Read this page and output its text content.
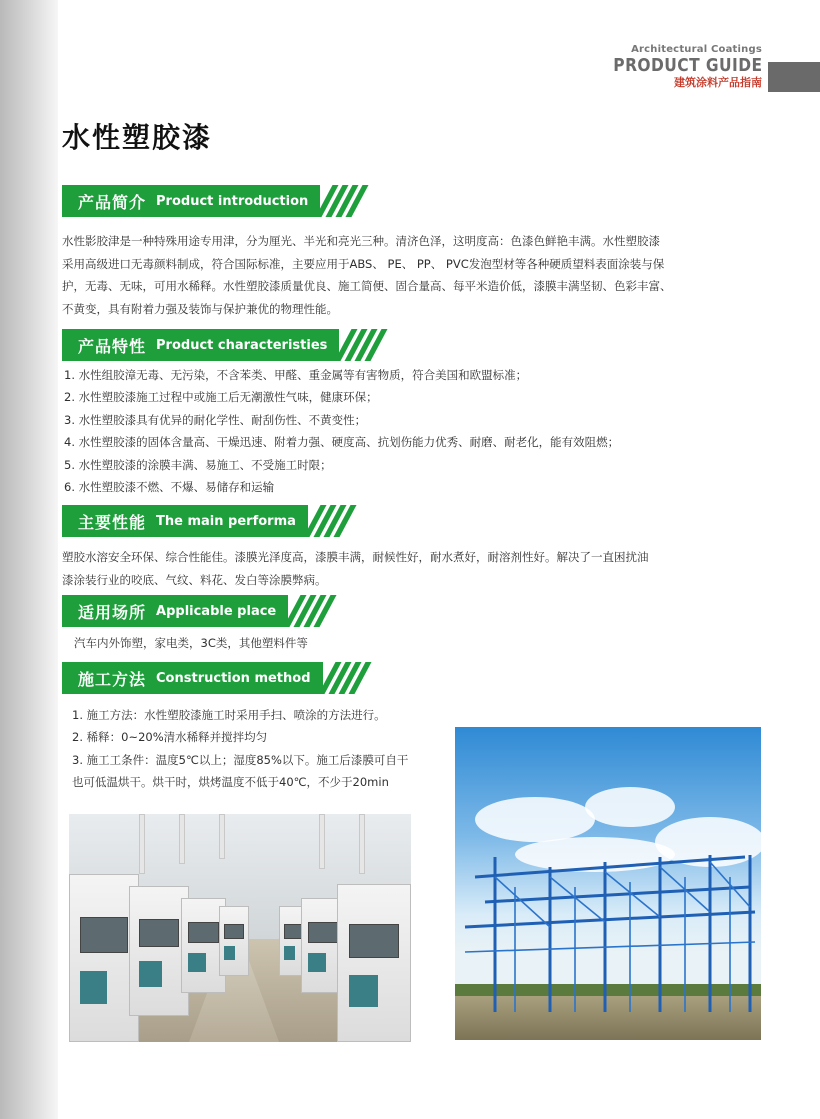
Architectural Coatings
PRODUCT GUIDE
建筑涂料产品指南
水性塑胶漆
产品简介 Product introduction
水性影胶津是一种特殊用途专用津，分为厘光、半光和亮光三种。清济色泽，这明度高：色漆色鲜艳丰满。水性塑胶漆
采用高级进口无毒颜料制成，符合国际标准，主要应用于ABS、 PE、 PP、 PVC发泡型材等各种硬质望料表面涂装与保
护，无毒、无味，可用水稀释。水性塑胶漆质量优良、施工简便、固合量高、每平米造价低，漆膜丰满坚韧、色彩丰富、
不黄变，具有附着力强及装饰与保护兼优的物理性能。
产品特性 Product characteristies
1. 水性组胶漳无毒、无污染，不含苯类、甲醛、重金属等有害物质，符合美国和欧盟标准；
2. 水性塑胶漆施工过程中或施工后无潮激性气味，健康环保；
3. 水性塑胶漆具有优异的耐化学性、耐刮伤性、不黄变性；
4. 水性塑胶漆的固体含量高、干燥迅速、附着力强、硬度高、抗划伤能力优秀、耐磨、耐老化，能有效阻燃；
5. 水性塑胶漆的涂膜丰满、易施工、不受施工时限；
6. 水性塑胶漆不燃、不爆、易储存和运输
主要性能 The main performa
塑胶水溶安全环保、综合性能佳。漆膜光泽度高，漆膜丰满，耐候性好，耐水煮好，耐溶剂性好。解决了一直困扰油
漆涂装行业的咬底、气纹、料花、发白等涂膜弊病。
适用场所 Applicable place
汽车内外饰塑，家电类，3C类，其他塑料件等
施工方法 Construction method
1. 施工方法：水性塑胶漆施工时采用手扫、喷涂的方法进行。
2. 稀释：0~20%清水稀释并搅拌均匀
3. 施工工条件：温度5℃以上；湿度85%以下。施工后漆膜可自干
也可低温烘干。烘干时，烘烤温度不低于40℃，不少于20min
